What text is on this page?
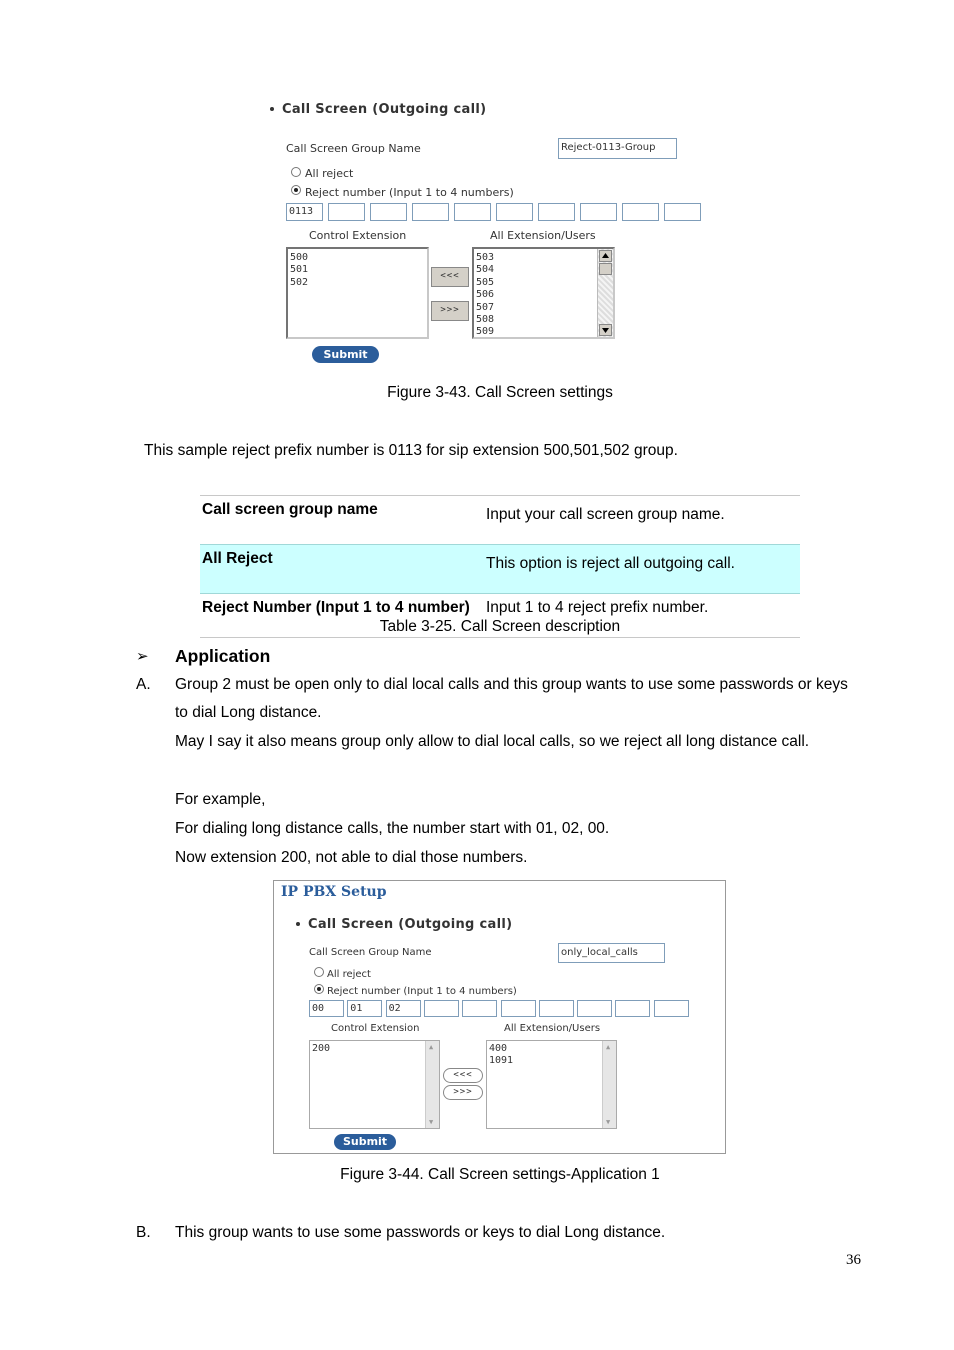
Call Screen (Outgoing call)
Call Screen Group Name	Reject-0113-Group
All reject
Reject number (Input 1 to 4 numbers)
0113
Control Extension	All Extension/Users
500
501
502
<<<
>>>
503
504
505
506
507
508
509
Submit
Figure 3-43. Call Screen settings
This sample reject prefix number is 0113 for sip extension 500,501,502 group.
Call screen group name	Input your call screen group name.
All Reject	This option is reject all outgoing call.
Reject Number (Input 1 to 4 number)	Input 1 to 4 reject prefix number.
Table 3-25. Call Screen description
➢ Application
A. Group 2 must be open only to dial local calls and this group wants to use some passwords or keys
to dial Long distance.
May I say it also means group only allow to dial local calls, so we reject all long distance call.
For example,
For dialing long distance calls, the number start with 01, 02, 00.
Now extension 200, not able to dial those numbers.
IP PBX Setup
Call Screen (Outgoing call)
Call Screen Group Name	only_local_calls
All reject
Reject number (Input 1 to 4 numbers)
00	01	02
Control Extension	All Extension/Users
200	▲
▼
<<<
>>>
400
1091
▲
▼
Submit
Figure 3-44. Call Screen settings-Application 1
B. This group wants to use some passwords or keys to dial Long distance.
36
